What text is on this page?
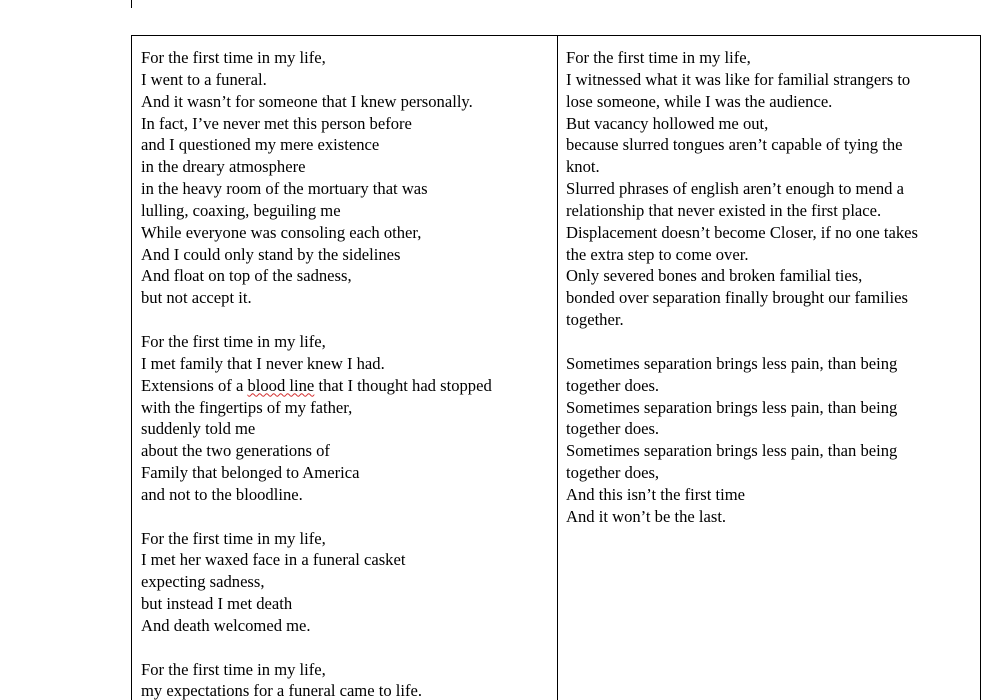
For the first time in my life,
I went to a funeral.
And it wasn’t for someone that I knew personally.
In fact, I’ve never met this person before
and I questioned my mere existence
in the dreary atmosphere
in the heavy room of the mortuary that was
lulling, coaxing, beguiling me
While everyone was consoling each other,
And I could only stand by the sidelines
And float on top of the sadness,
but not accept it.
For the first time in my life,
I met family that I never knew I had.
Extensions of a blood line that I thought had stopped
with the fingertips of my father,
suddenly told me
about the two generations of
Family that belonged to America
and not to the bloodline.
For the first time in my life,
I met her waxed face in a funeral casket
expecting sadness,
but instead I met death
And death welcomed me.
For the first time in my life,
my expectations for a funeral came to life.
For the first time in my life,
I witnessed what it was like for familial strangers to
lose someone, while I was the audience.
But vacancy hollowed me out,
because slurred tongues aren’t capable of tying the
knot.
Slurred phrases of english aren’t enough to mend a
relationship that never existed in the first place.
Displacement doesn’t become Closer, if no one takes
the extra step to come over.
Only severed bones and broken familial ties,
bonded over separation finally brought our families
together.
Sometimes separation brings less pain, than being
together does.
Sometimes separation brings less pain, than being
together does.
Sometimes separation brings less pain, than being
together does,
And this isn’t the first time
And it won’t be the last.
